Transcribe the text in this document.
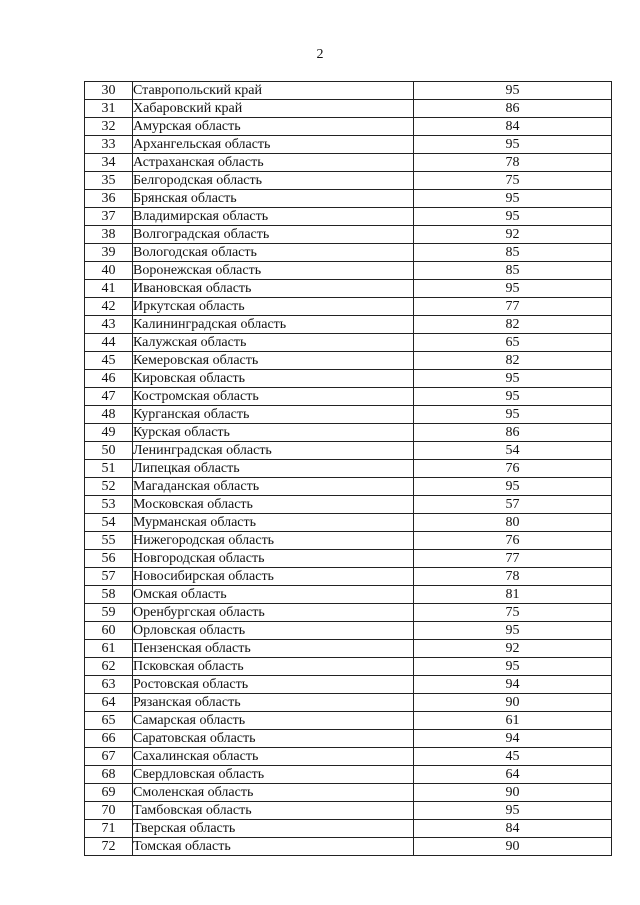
2
30	Ставропольский край	95
31	Хабаровский край	86
32	Амурская область	84
33	Архангельская область	95
34	Астраханская область	78
35	Белгородская область	75
36	Брянская область	95
37	Владимирская область	95
38	Волгоградская область	92
39	Вологодская область	85
40	Воронежская область	85
41	Ивановская область	95
42	Иркутская область	77
43	Калининградская область	82
44	Калужская область	65
45	Кемеровская область	82
46	Кировская область	95
47	Костромская область	95
48	Курганская область	95
49	Курская область	86
50	Ленинградская область	54
51	Липецкая область	76
52	Магаданская область	95
53	Московская область	57
54	Мурманская область	80
55	Нижегородская область	76
56	Новгородская область	77
57	Новосибирская область	78
58	Омская область	81
59	Оренбургская область	75
60	Орловская область	95
61	Пензенская область	92
62	Псковская область	95
63	Ростовская область	94
64	Рязанская область	90
65	Самарская область	61
66	Саратовская область	94
67	Сахалинская область	45
68	Свердловская область	64
69	Смоленская область	90
70	Тамбовская область	95
71	Тверская область	84
72	Томская область	90
